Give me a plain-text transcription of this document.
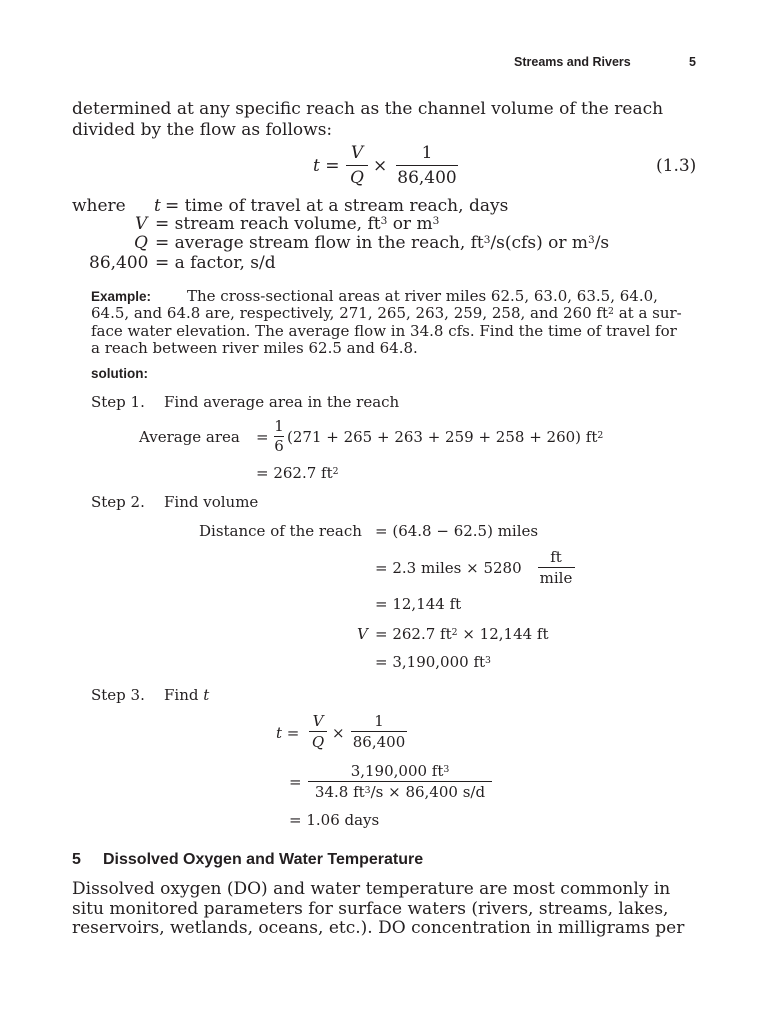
Streams and Rivers	5
determined at any specific reach as the channel volume of the reach
divided by the flow as follows:
t =
V
Q
×
1
86,400
(1.3)
where t = time of travel at a stream reach, days
V = stream reach volume, $ft^3$ or $m^3$
Q = average stream flow in the reach, $ft^3/s(cfs)$ or $m^3/s$
86,400 = a factor, s/d
Example: The cross-sectional areas at river miles 62.5, 63.0, 63.5, 64.0,
64.5, and 64.8 are, respectively, 271, 265, 263, 259, 258, and 260 $ft^2$ at a sur-
face water elevation. The average flow in 34.8 cfs. Find the time of travel for
a reach between river miles 62.5 and 64.8.
solution:
Step 1. Find average area in the reach
Average area =
1
6 (271 + 265 + 263 + 259 + 258 + 260) $ft^2$
= 262.7 $ft^2$
Step 2. Find volume
Distance of the reach = (64.8 − 62.5) miles
= 2.3 miles × 5280
ft
mile
= 12,144 ft
V = 262.7 $ft^2 \times 12,144$ ft
= 3,190,000 $ft^3$
Step 3. Find t
t =
V
Q ×
1
86,400
=
3,190,000 $ft^3$
34.8 $ft^3/s \times 86,400$ s/d
= 1.06 days
5 Dissolved Oxygen and Water Temperature
Dissolved oxygen (DO) and water temperature are most commonly in
situ monitored parameters for surface waters (rivers, streams, lakes,
reservoirs, wetlands, oceans, etc.). DO concentration in milligrams per
